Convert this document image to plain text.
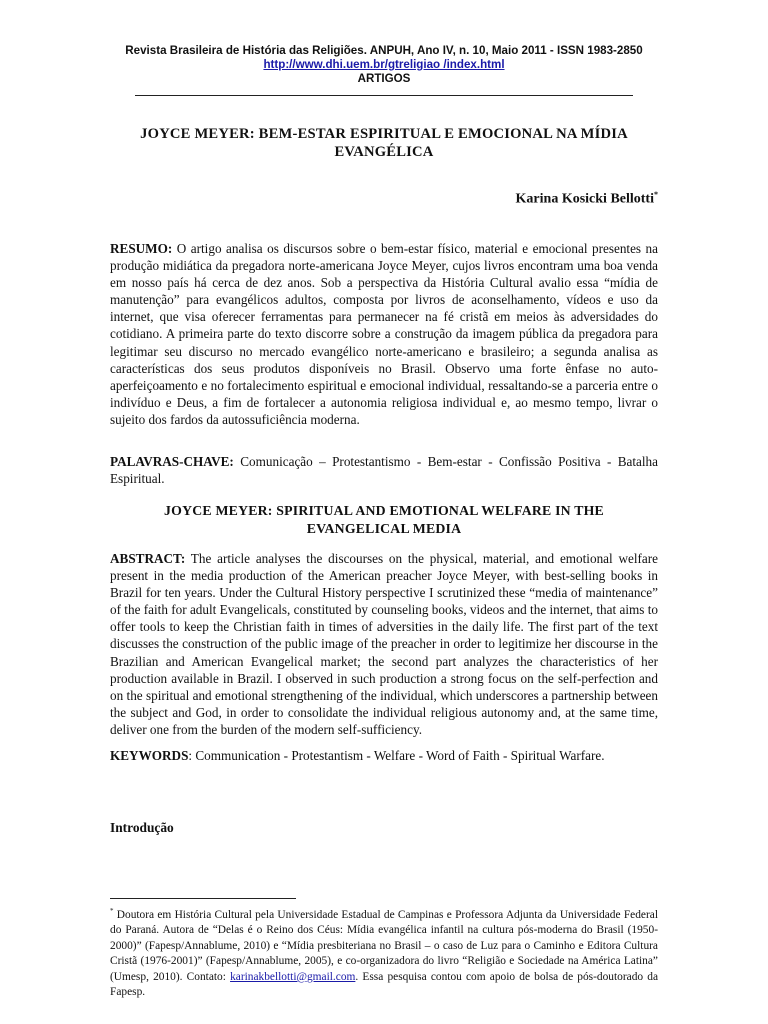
Revista Brasileira de História das Religiões. ANPUH, Ano IV, n. 10, Maio 2011 - ISSN 1983-2850
http://www.dhi.uem.br/gtreligiao /index.html
ARTIGOS
JOYCE MEYER: BEM-ESTAR ESPIRITUAL E EMOCIONAL NA MÍDIA
EVANGÉLICA
Karina Kosicki Bellotti*
RESUMO: O artigo analisa os discursos sobre o bem-estar físico, material e emocional presentes na produção midiática da pregadora norte-americana Joyce Meyer, cujos livros encontram uma boa venda em nosso país há cerca de dez anos. Sob a perspectiva da História Cultural avalio essa “mídia de manutenção” para evangélicos adultos, composta por livros de aconselhamento, vídeos e uso da internet, que visa oferecer ferramentas para permanecer na fé cristã em meios às adversidades do cotidiano. A primeira parte do texto discorre sobre a construção da imagem pública da pregadora para legitimar seu discurso no mercado evangélico norte-americano e brasileiro; a segunda analisa as características dos seus produtos disponíveis no Brasil. Observo uma forte ênfase no auto-aperfeiçoamento e no fortalecimento espiritual e emocional individual, ressaltando-se a parceria entre o indivíduo e Deus, a fim de fortalecer a autonomia religiosa individual e, ao mesmo tempo, livrar o sujeito dos fardos da autossuficiência moderna.
PALAVRAS-CHAVE: Comunicação – Protestantismo - Bem-estar - Confissão Positiva - Batalha Espiritual.
JOYCE MEYER: SPIRITUAL AND EMOTIONAL WELFARE IN THE
EVANGELICAL MEDIA
ABSTRACT: The article analyses the discourses on the physical, material, and emotional welfare present in the media production of the American preacher Joyce Meyer, with best-selling books in Brazil for ten years. Under the Cultural History perspective I scrutinized these “media of maintenance” of the faith for adult Evangelicals, constituted by counseling books, videos and the internet, that aims to offer tools to keep the Christian faith in times of adversities in the daily life. The first part of the text discusses the construction of the public image of the preacher in order to legitimize her discourse in the Brazilian and American Evangelical market; the second part analyzes the characteristics of her production available in Brazil. I observed in such production a strong focus on the self-perfection and on the spiritual and emotional strengthening of the individual, which underscores a partnership between the subject and God, in order to consolidate the individual religious autonomy and, at the same time, deliver one from the burden of the modern self-sufficiency.
KEYWORDS: Communication - Protestantism - Welfare - Word of Faith - Spiritual Warfare.
Introdução
* Doutora em História Cultural pela Universidade Estadual de Campinas e Professora Adjunta da Universidade Federal do Paraná. Autora de “Delas é o Reino dos Céus: Mídia evangélica infantil na cultura pós-moderna do Brasil (1950-2000)” (Fapesp/Annablume, 2010) e “Mídia presbiteriana no Brasil – o caso de Luz para o Caminho e Editora Cultura Cristã (1976-2001)” (Fapesp/Annablume, 2005), e co-organizadora do livro “Religião e Sociedade na América Latina” (Umesp, 2010). Contato: karinakbellotti@gmail.com. Essa pesquisa contou com apoio de bolsa de pós-doutorado da Fapesp.
